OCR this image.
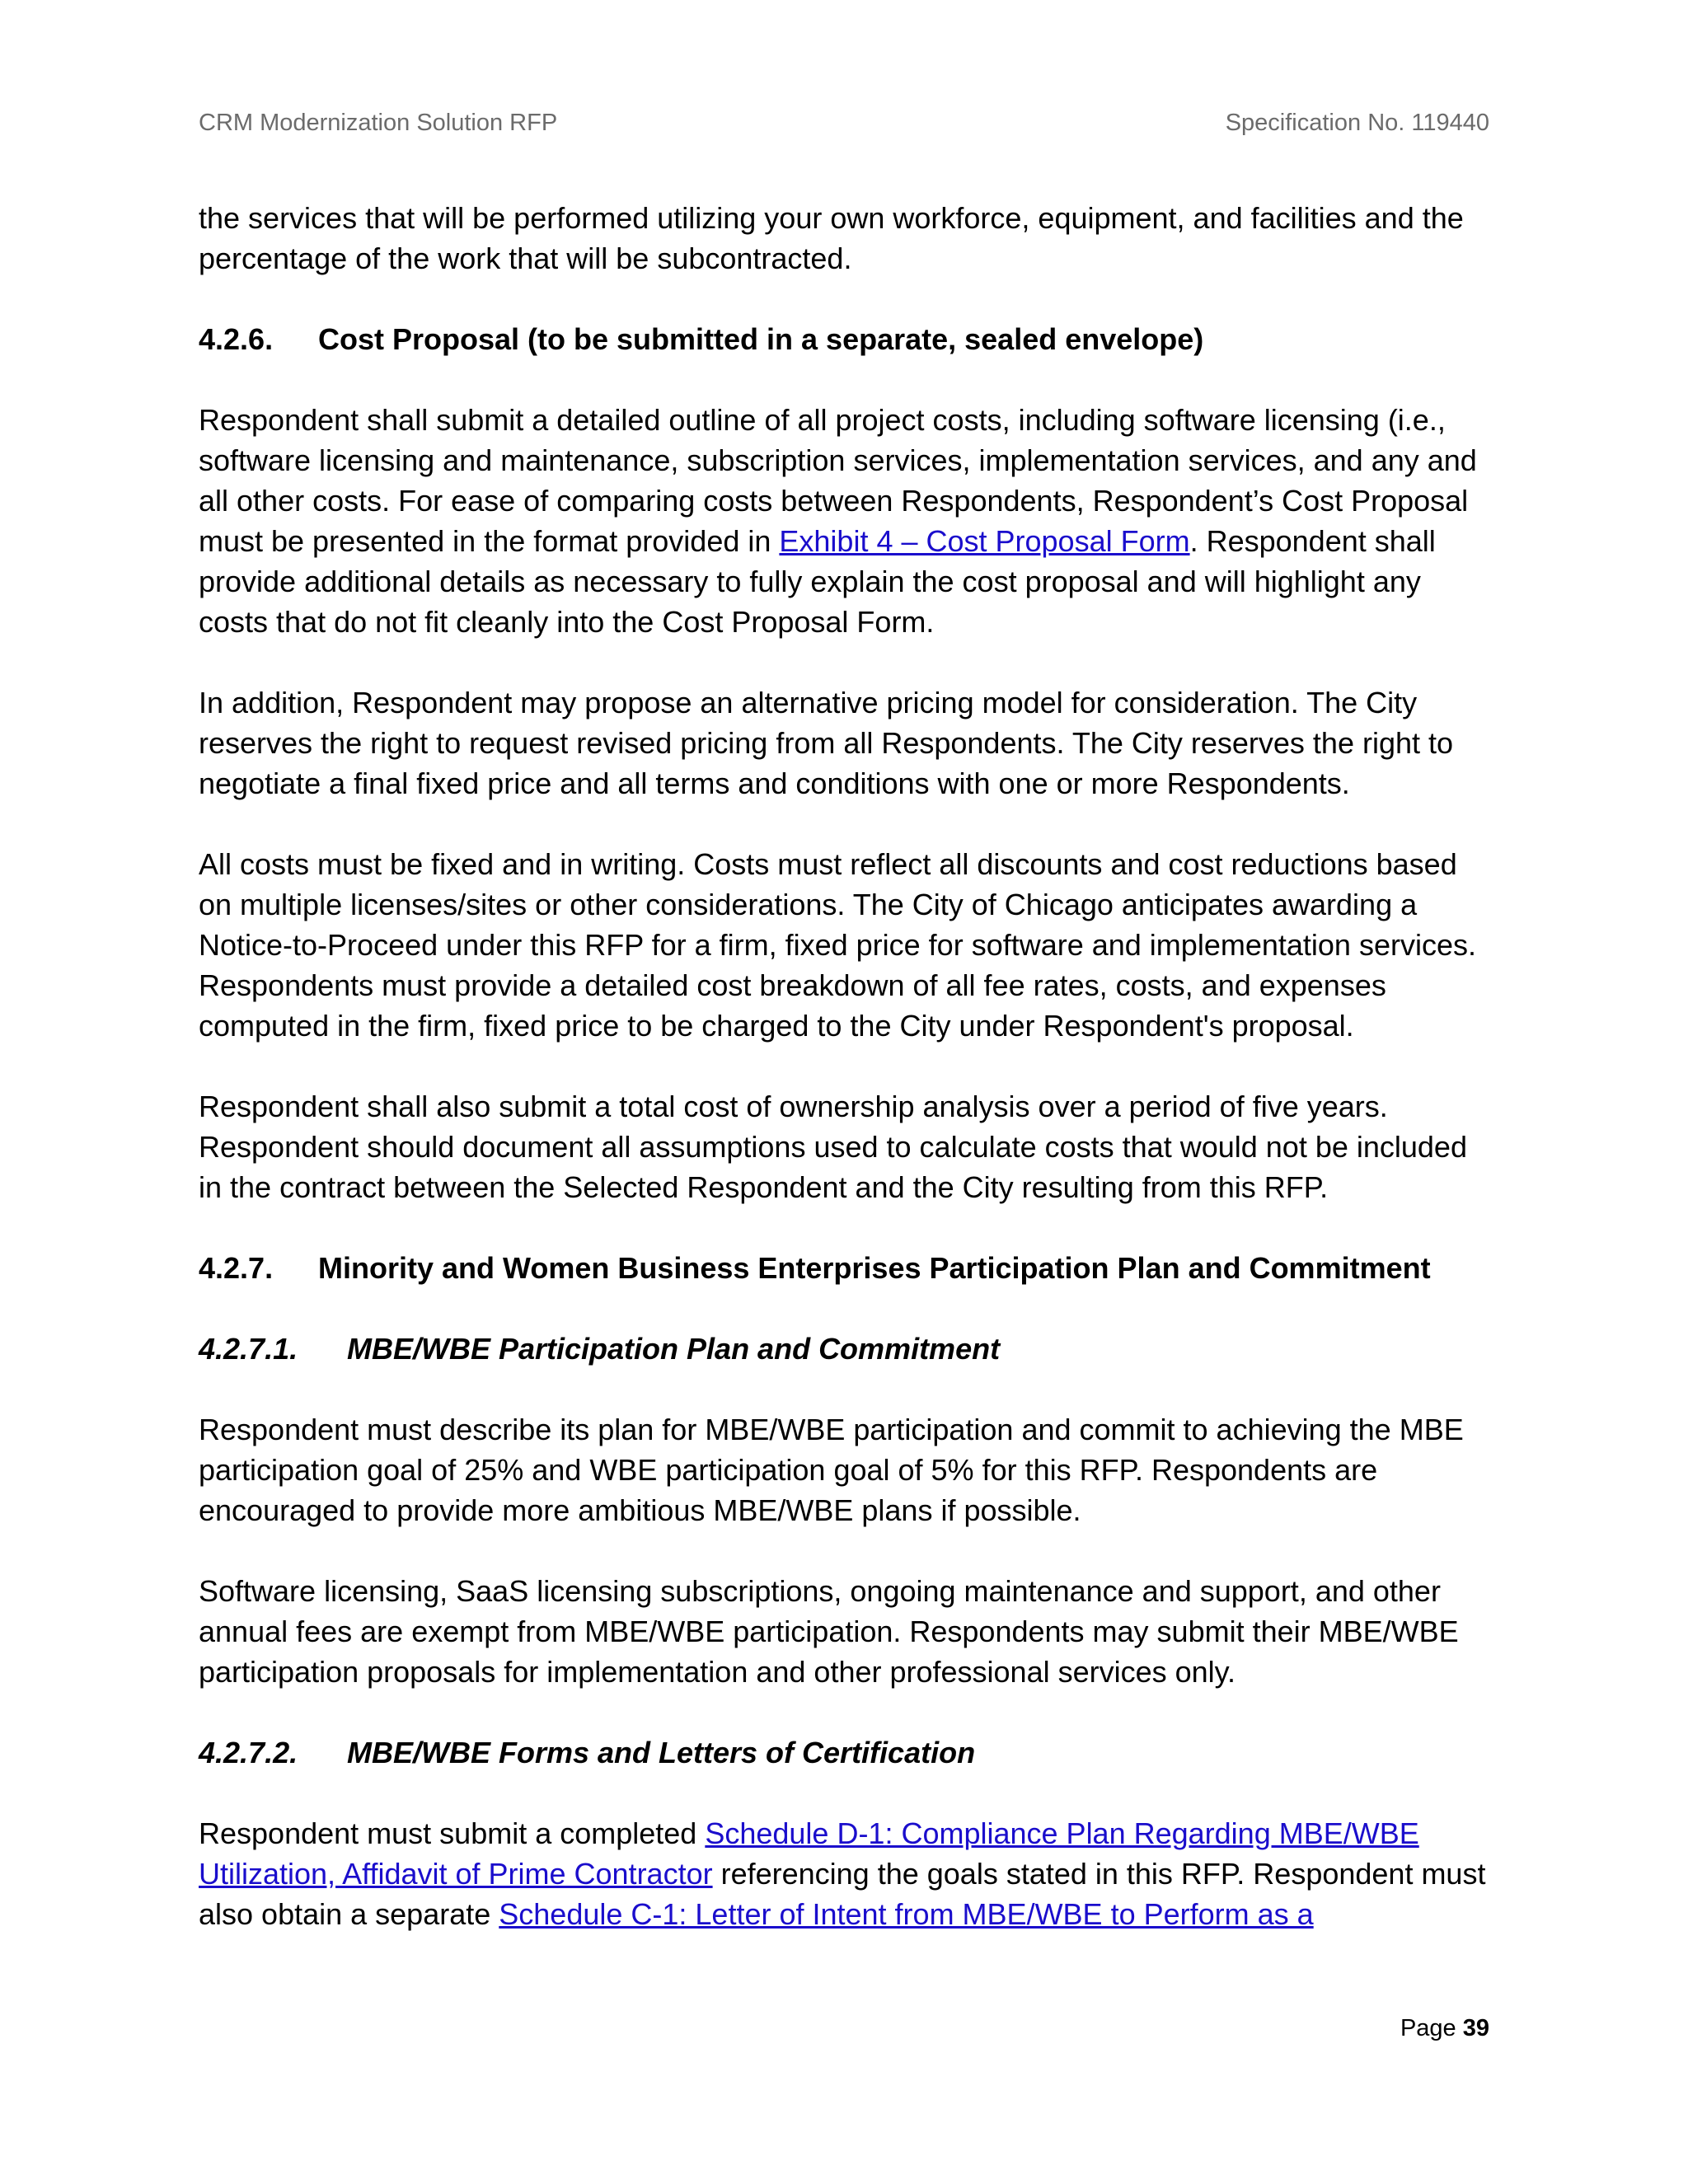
CRM Modernization Solution RFP	Specification No. 119440

the services that will be performed utilizing your own workforce, equipment, and facilities and the percentage of the work that will be subcontracted.

4.2.6.	Cost Proposal (to be submitted in a separate, sealed envelope)

Respondent shall submit a detailed outline of all project costs, including software licensing (i.e., software licensing and maintenance, subscription services, implementation services, and any and all other costs. For ease of comparing costs between Respondents, Respondent’s Cost Proposal must be presented in the format provided in Exhibit 4 – Cost Proposal Form. Respondent shall provide additional details as necessary to fully explain the cost proposal and will highlight any costs that do not fit cleanly into the Cost Proposal Form.

In addition, Respondent may propose an alternative pricing model for consideration. The City reserves the right to request revised pricing from all Respondents. The City reserves the right to negotiate a final fixed price and all terms and conditions with one or more Respondents.

All costs must be fixed and in writing. Costs must reflect all discounts and cost reductions based on multiple licenses/sites or other considerations. The City of Chicago anticipates awarding a Notice-to-Proceed under this RFP for a firm, fixed price for software and implementation services. Respondents must provide a detailed cost breakdown of all fee rates, costs, and expenses computed in the firm, fixed price to be charged to the City under Respondent's proposal.

Respondent shall also submit a total cost of ownership analysis over a period of five years. Respondent should document all assumptions used to calculate costs that would not be included in the contract between the Selected Respondent and the City resulting from this RFP.

4.2.7.	Minority and Women Business Enterprises Participation Plan and Commitment
4.2.7.1.	MBE/WBE Participation Plan and Commitment

Respondent must describe its plan for MBE/WBE participation and commit to achieving the MBE participation goal of 25% and WBE participation goal of 5% for this RFP. Respondents are encouraged to provide more ambitious MBE/WBE plans if possible.

Software licensing, SaaS licensing subscriptions, ongoing maintenance and support, and other annual fees are exempt from MBE/WBE participation. Respondents may submit their MBE/WBE participation proposals for implementation and other professional services only.

4.2.7.2.	MBE/WBE Forms and Letters of Certification

Respondent must submit a completed Schedule D-1: Compliance Plan Regarding MBE/WBE Utilization, Affidavit of Prime Contractor referencing the goals stated in this RFP. Respondent must also obtain a separate Schedule C-1: Letter of Intent from MBE/WBE to Perform as a

Page 39
